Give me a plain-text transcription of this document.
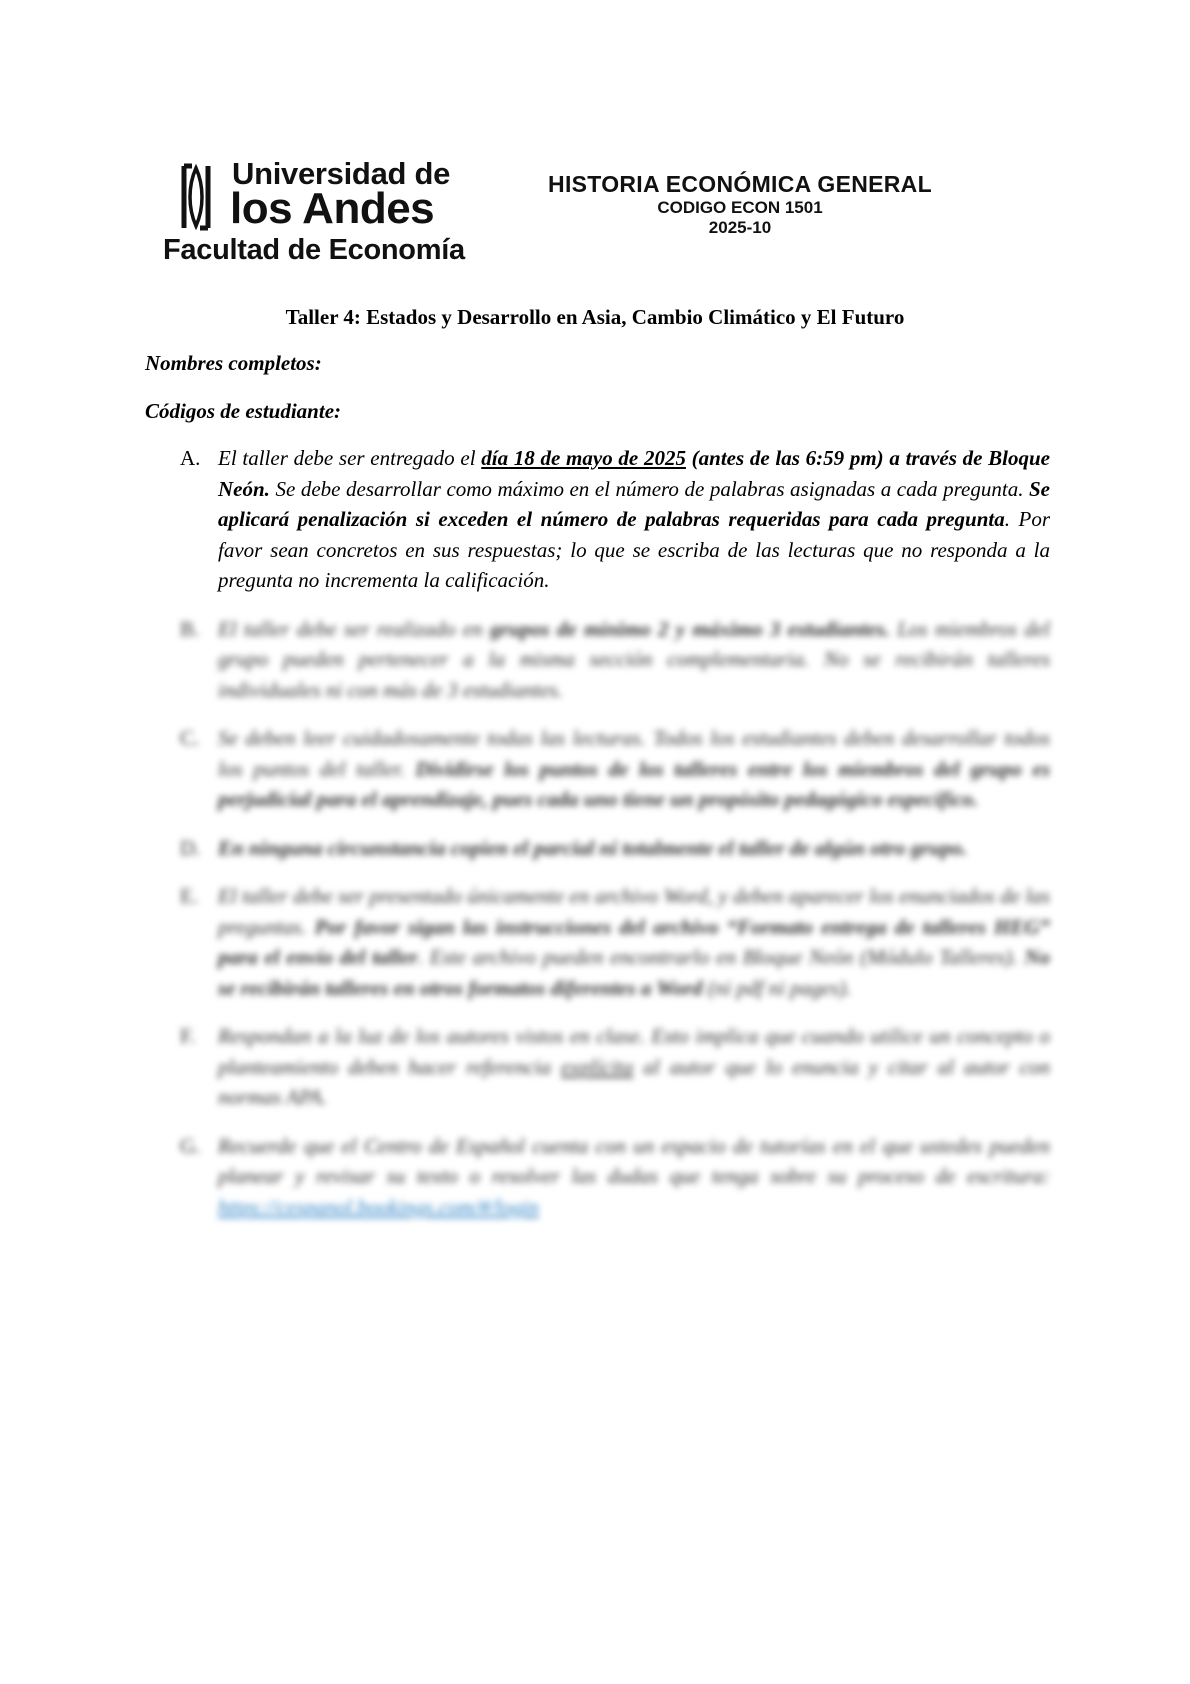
Universidad de
los Andes
Facultad de Economía
HISTORIA ECONÓMICA GENERAL
CODIGO ECON 1501
2025-10
Taller 4: Estados y Desarrollo en Asia, Cambio Climático y El Futuro
Nombres completos:
Códigos de estudiante:
A. El taller debe ser entregado el día 18 de mayo de 2025 (antes de las 6:59 pm) a través de Bloque Neón. Se debe desarrollar como máximo en el número de palabras asignadas a cada pregunta. Se aplicará penalización si exceden el número de palabras requeridas para cada pregunta. Por favor sean concretos en sus respuestas; lo que se escriba de las lecturas que no responda a la pregunta no incrementa la calificación.
B. El taller debe ser realizado en grupos de mínimo 2 y máximo 3 estudiantes. Los miembros del grupo pueden pertenecer a la misma sección complementaria. No se recibirán talleres individuales ni con más de 3 estudiantes.
C. Se deben leer cuidadosamente todas las lecturas. Todos los estudiantes deben desarrollar todos los puntos del taller. Dividirse los puntos de los talleres entre los miembros del grupo es perjudicial para el aprendizaje, pues cada uno tiene un propósito pedagógico específico.
D. En ninguna circunstancia copien el parcial ni totalmente el taller de algún otro grupo.
E. El taller debe ser presentado únicamente en archivo Word, y deben aparecer los enunciados de las preguntas. Por favor sigan las instrucciones del archivo “Formato entrega de talleres HEG” para el envío del taller. Este archivo pueden encontrarlo en Bloque Neón (Módulo Talleres). No se recibirán talleres en otros formatos diferentes a Word (ni pdf ni pages).
F. Respondan a la luz de los autores vistos en clase. Esto implica que cuando utilice un concepto o planteamiento deben hacer referencia explícita al autor que lo enuncia y citar al autor con normas APA.
G. Recuerde que el Centro de Español cuenta con un espacio de tutorías en el que ustedes pueden planear y revisar su texto o resolver las dudas que tenga sobre su proceso de escritura: https://cespanol.bookings.com/#/login
